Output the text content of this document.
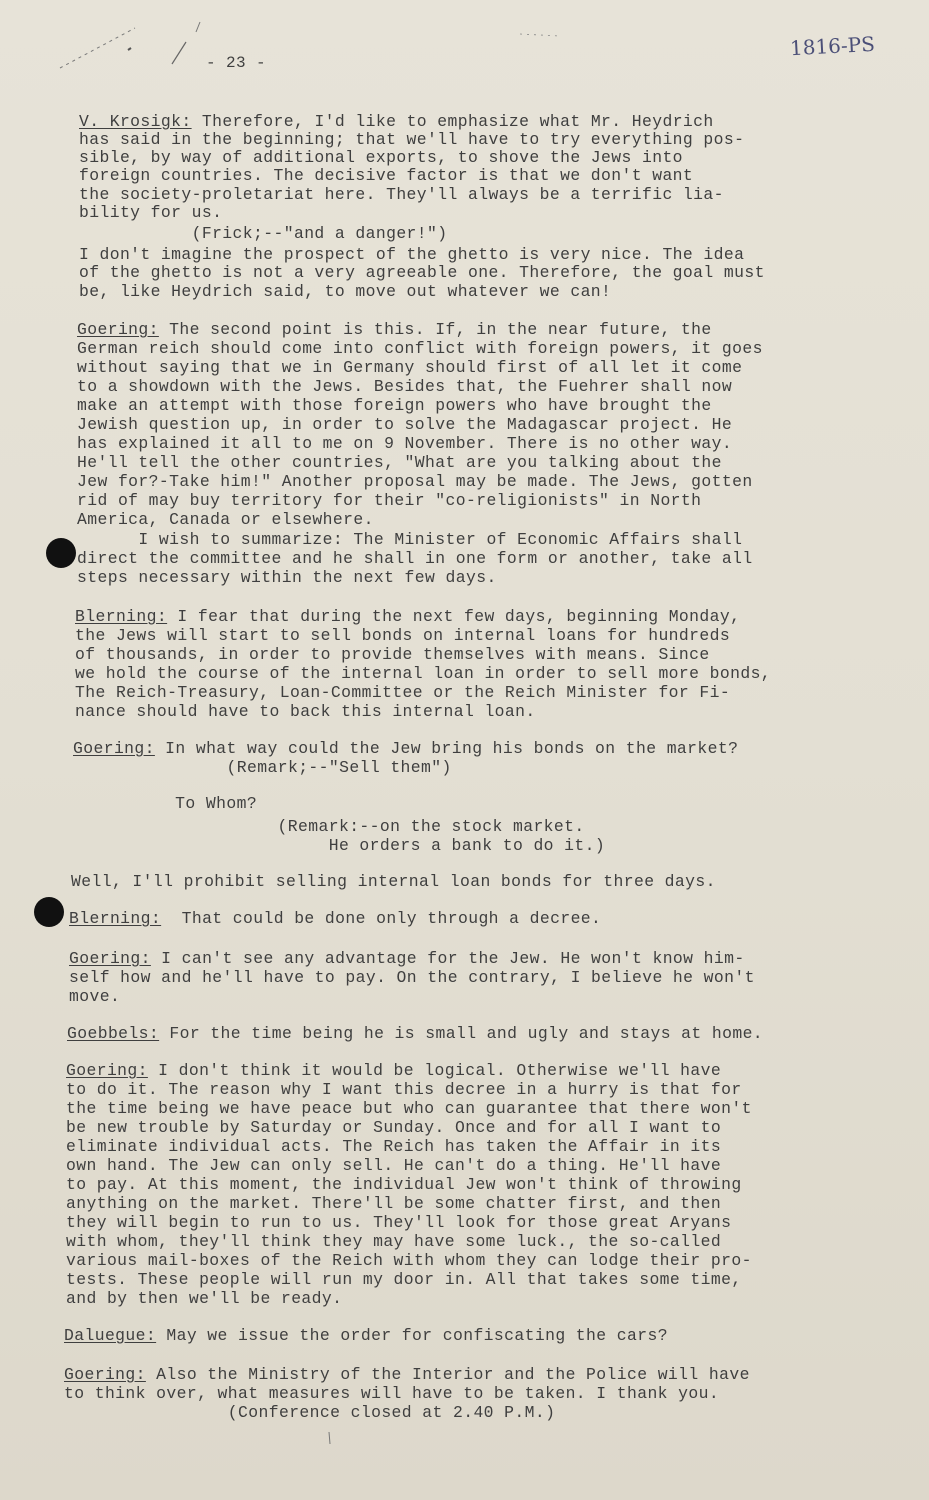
1816-PS
- 23 -
V. Krosigk: Therefore, I'd like to emphasize what Mr. Heydrich
has said in the beginning; that we'll have to try everything pos-
sible, by way of additional exports, to shove the Jews into
foreign countries. The decisive factor is that we don't want
the society-proletariat here. They'll always be a terrific lia-
bility for us.
(Frick;--"and a danger!")
I don't imagine the prospect of the ghetto is very nice. The idea
of the ghetto is not a very agreeable one. Therefore, the goal must
be, like Heydrich said, to move out whatever we can!
Goering: The second point is this. If, in the near future, the
German reich should come into conflict with foreign powers, it goes
without saying that we in Germany should first of all let it come
to a showdown with the Jews. Besides that, the Fuehrer shall now
make an attempt with those foreign powers who have brought the
Jewish question up, in order to solve the Madagascar project. He
has explained it all to me on 9 November. There is no other way.
He'll tell the other countries, "What are you talking about the
Jew for?-Take him!" Another proposal may be made. The Jews, gotten
rid of may buy territory for their "co-religionists" in North
America, Canada or elsewhere.
I wish to summarize: The Minister of Economic Affairs shall
direct the committee and he shall in one form or another, take all
steps necessary within the next few days.
Blerning: I fear that during the next few days, beginning Monday,
the Jews will start to sell bonds on internal loans for hundreds
of thousands, in order to provide themselves with means. Since
we hold the course of the internal loan in order to sell more bonds,
The Reich-Treasury, Loan-Committee or the Reich Minister for Fi-
nance should have to back this internal loan.
Goering: In what way could the Jew bring his bonds on the market?
(Remark;--"Sell them")
To Whom?
(Remark:--on the stock market.
He orders a bank to do it.)
Well, I'll prohibit selling internal loan bonds for three days.
Blerning:  That could be done only through a decree.
Goering: I can't see any advantage for the Jew. He won't know him-
self how and he'll have to pay. On the contrary, I believe he won't
move.
Goebbels: For the time being he is small and ugly and stays at home.
Goering: I don't think it would be logical. Otherwise we'll have
to do it. The reason why I want this decree in a hurry is that for
the time being we have peace but who can guarantee that there won't
be new trouble by Saturday or Sunday. Once and for all I want to
eliminate individual acts. The Reich has taken the Affair in its
own hand. The Jew can only sell. He can't do a thing. He'll have
to pay. At this moment, the individual Jew won't think of throwing
anything on the market. There'll be some chatter first, and then
they will begin to run to us. They'll look for those great Aryans
with whom, they'll think they may have some luck., the so-called
various mail-boxes of the Reich with whom they can lodge their pro-
tests. These people will run my door in. All that takes some time,
and by then we'll be ready.
Daluegue: May we issue the order for confiscating the cars?
Goering: Also the Ministry of the Interior and the Police will have
to think over, what measures will have to be taken. I thank you.
(Conference closed at 2.40 P.M.)
